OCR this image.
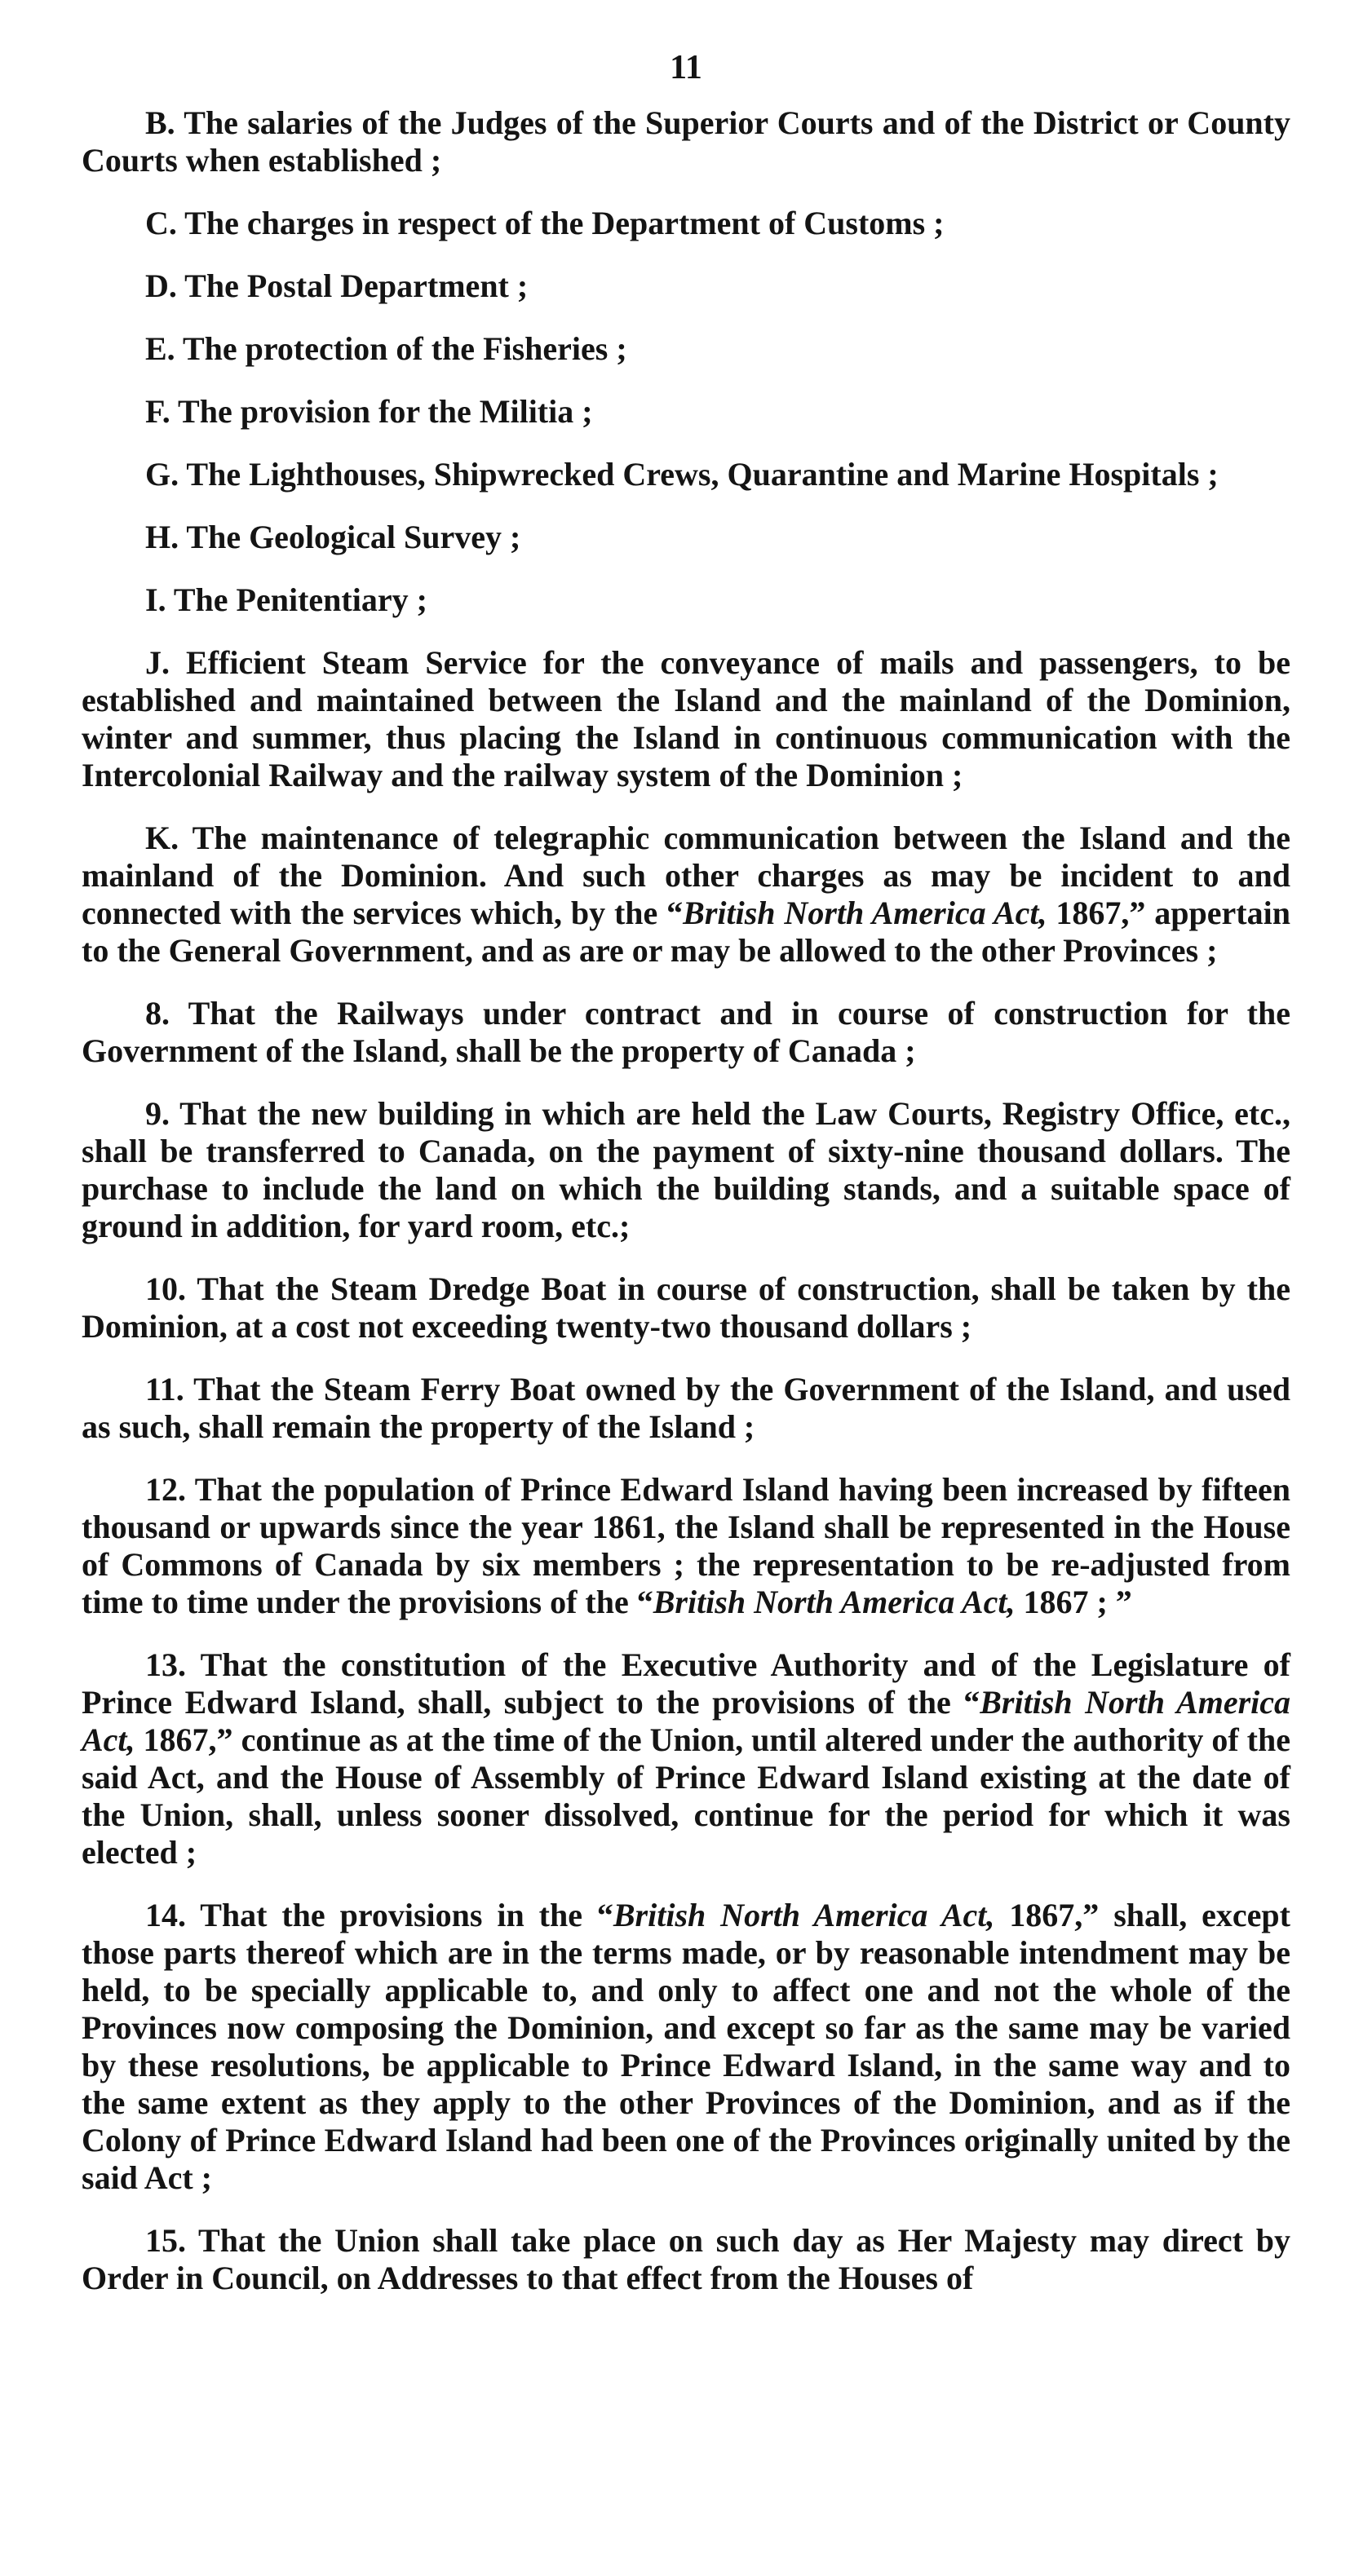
11

B. The salaries of the Judges of the Superior Courts and of the District or County Courts when established ;

C. The charges in respect of the Department of Customs ;

D. The Postal Department ;

E. The protection of the Fisheries ;

F. The provision for the Militia ;

G. The Lighthouses, Shipwrecked Crews, Quarantine and Marine Hospitals ;

H. The Geological Survey ;

I. The Penitentiary ;

J. Efficient Steam Service for the conveyance of mails and passengers, to be established and maintained between the Island and the mainland of the Dominion, winter and summer, thus placing the Island in continuous communication with the Intercolonial Railway and the railway system of the Dominion ;

K. The maintenance of telegraphic communication between the Island and the mainland of the Dominion. And such other charges as may be incident to and connected with the services which, by the “British North America Act, 1867,” appertain to the General Government, and as are or may be allowed to the other Provinces ;

8. That the Railways under contract and in course of construction for the Government of the Island, shall be the property of Canada ;

9. That the new building in which are held the Law Courts, Registry Office, etc., shall be transferred to Canada, on the payment of sixty-nine thousand dollars. The purchase to include the land on which the building stands, and a suitable space of ground in addition, for yard room, etc.;

10. That the Steam Dredge Boat in course of construction, shall be taken by the Dominion, at a cost not exceeding twenty-two thousand dollars ;

11. That the Steam Ferry Boat owned by the Government of the Island, and used as such, shall remain the property of the Island ;

12. That the population of Prince Edward Island having been increased by fifteen thousand or upwards since the year 1861, the Island shall be represented in the House of Commons of Canada by six members ; the representation to be re-adjusted from time to time under the provisions of the “British North America Act, 1867 ; ”

13. That the constitution of the Executive Authority and of the Legislature of Prince Edward Island, shall, subject to the provisions of the “British North America Act, 1867,” continue as at the time of the Union, until altered under the authority of the said Act, and the House of Assembly of Prince Edward Island existing at the date of the Union, shall, unless sooner dissolved, continue for the period for which it was elected ;

14. That the provisions in the “British North America Act, 1867,” shall, except those parts thereof which are in the terms made, or by reasonable intendment may be held, to be specially applicable to, and only to affect one and not the whole of the Provinces now composing the Dominion, and except so far as the same may be varied by these resolutions, be applicable to Prince Edward Island, in the same way and to the same extent as they apply to the other Provinces of the Dominion, and as if the Colony of Prince Edward Island had been one of the Provinces originally united by the said Act ;

15. That the Union shall take place on such day as Her Majesty may direct by Order in Council, on Addresses to that effect from the Houses of
